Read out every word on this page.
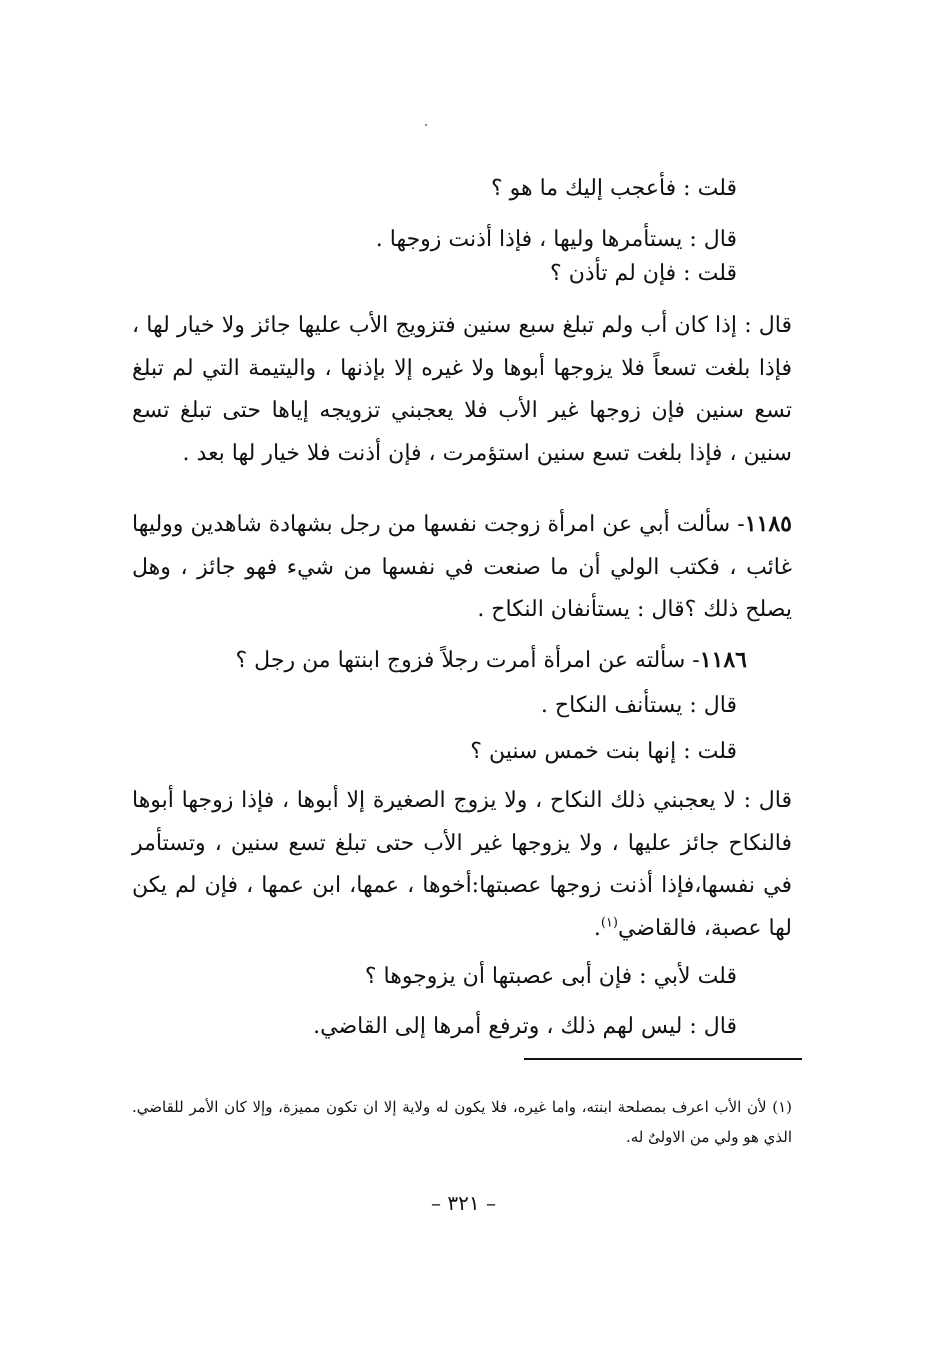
قلت : فأعجب إليك ما هو ؟
قال : يستأمرها وليها ، فإذا أذنت زوجها .
قلت : فإن لم تأذن ؟
قال : إذا كان أب ولم تبلغ سبع سنين فتزويج الأب عليها جائز ولا خيار لها ، فإذا بلغت تسعاً فلا يزوجها أبوها ولا غيره إلا بإذنها ، واليتيمة التي لم تبلغ تسع سنين فإن زوجها غير الأب فلا يعجبني تزويجه إياها حتى تبلغ تسع سنين ، فإذا بلغت تسع سنين استؤمرت ، فإن أذنت فلا خيار لها بعد .
١١٨٥- سألت أبي عن امرأة زوجت نفسها من رجل بشهادة شاهدين ووليها غائب ، فكتب الولي أن ما صنعت في نفسها من شيء فهو جائز ، وهل يصلح ذلك ؟قال : يستأنفان النكاح .
١١٨٦- سألته عن امرأة أمرت رجلاً فزوج ابنتها من رجل ؟
قال : يستأنف النكاح .
قلت : إنها بنت خمس سنين ؟
قال : لا يعجبني ذلك النكاح ، ولا يزوج الصغيرة إلا أبوها ، فإذا زوجها أبوها فالنكاح جائز عليها ، ولا يزوجها غير الأب حتى تبلغ تسع سنين ، وتستأمر في نفسها،فإذا أذنت زوجها عصبتها:أخوها ، عمها، ابن عمها ، فإن لم يكن لها عصبة، فالقاضي$^{(١)}$.
قلت لأبي : فإن أبى عصبتها أن يزوجوها ؟
قال : ليس لهم ذلك ، وترفع أمرها إلى القاضي.
(١) لأن الأب اعرف بمصلحة ابنته، واما غيره، فلا يكون له ولاية إلا ان تكون مميزة، وإلا كان الأمر للقاضي. الذي هو ولي من الاولىٌ له.
– ٣٢١ –
